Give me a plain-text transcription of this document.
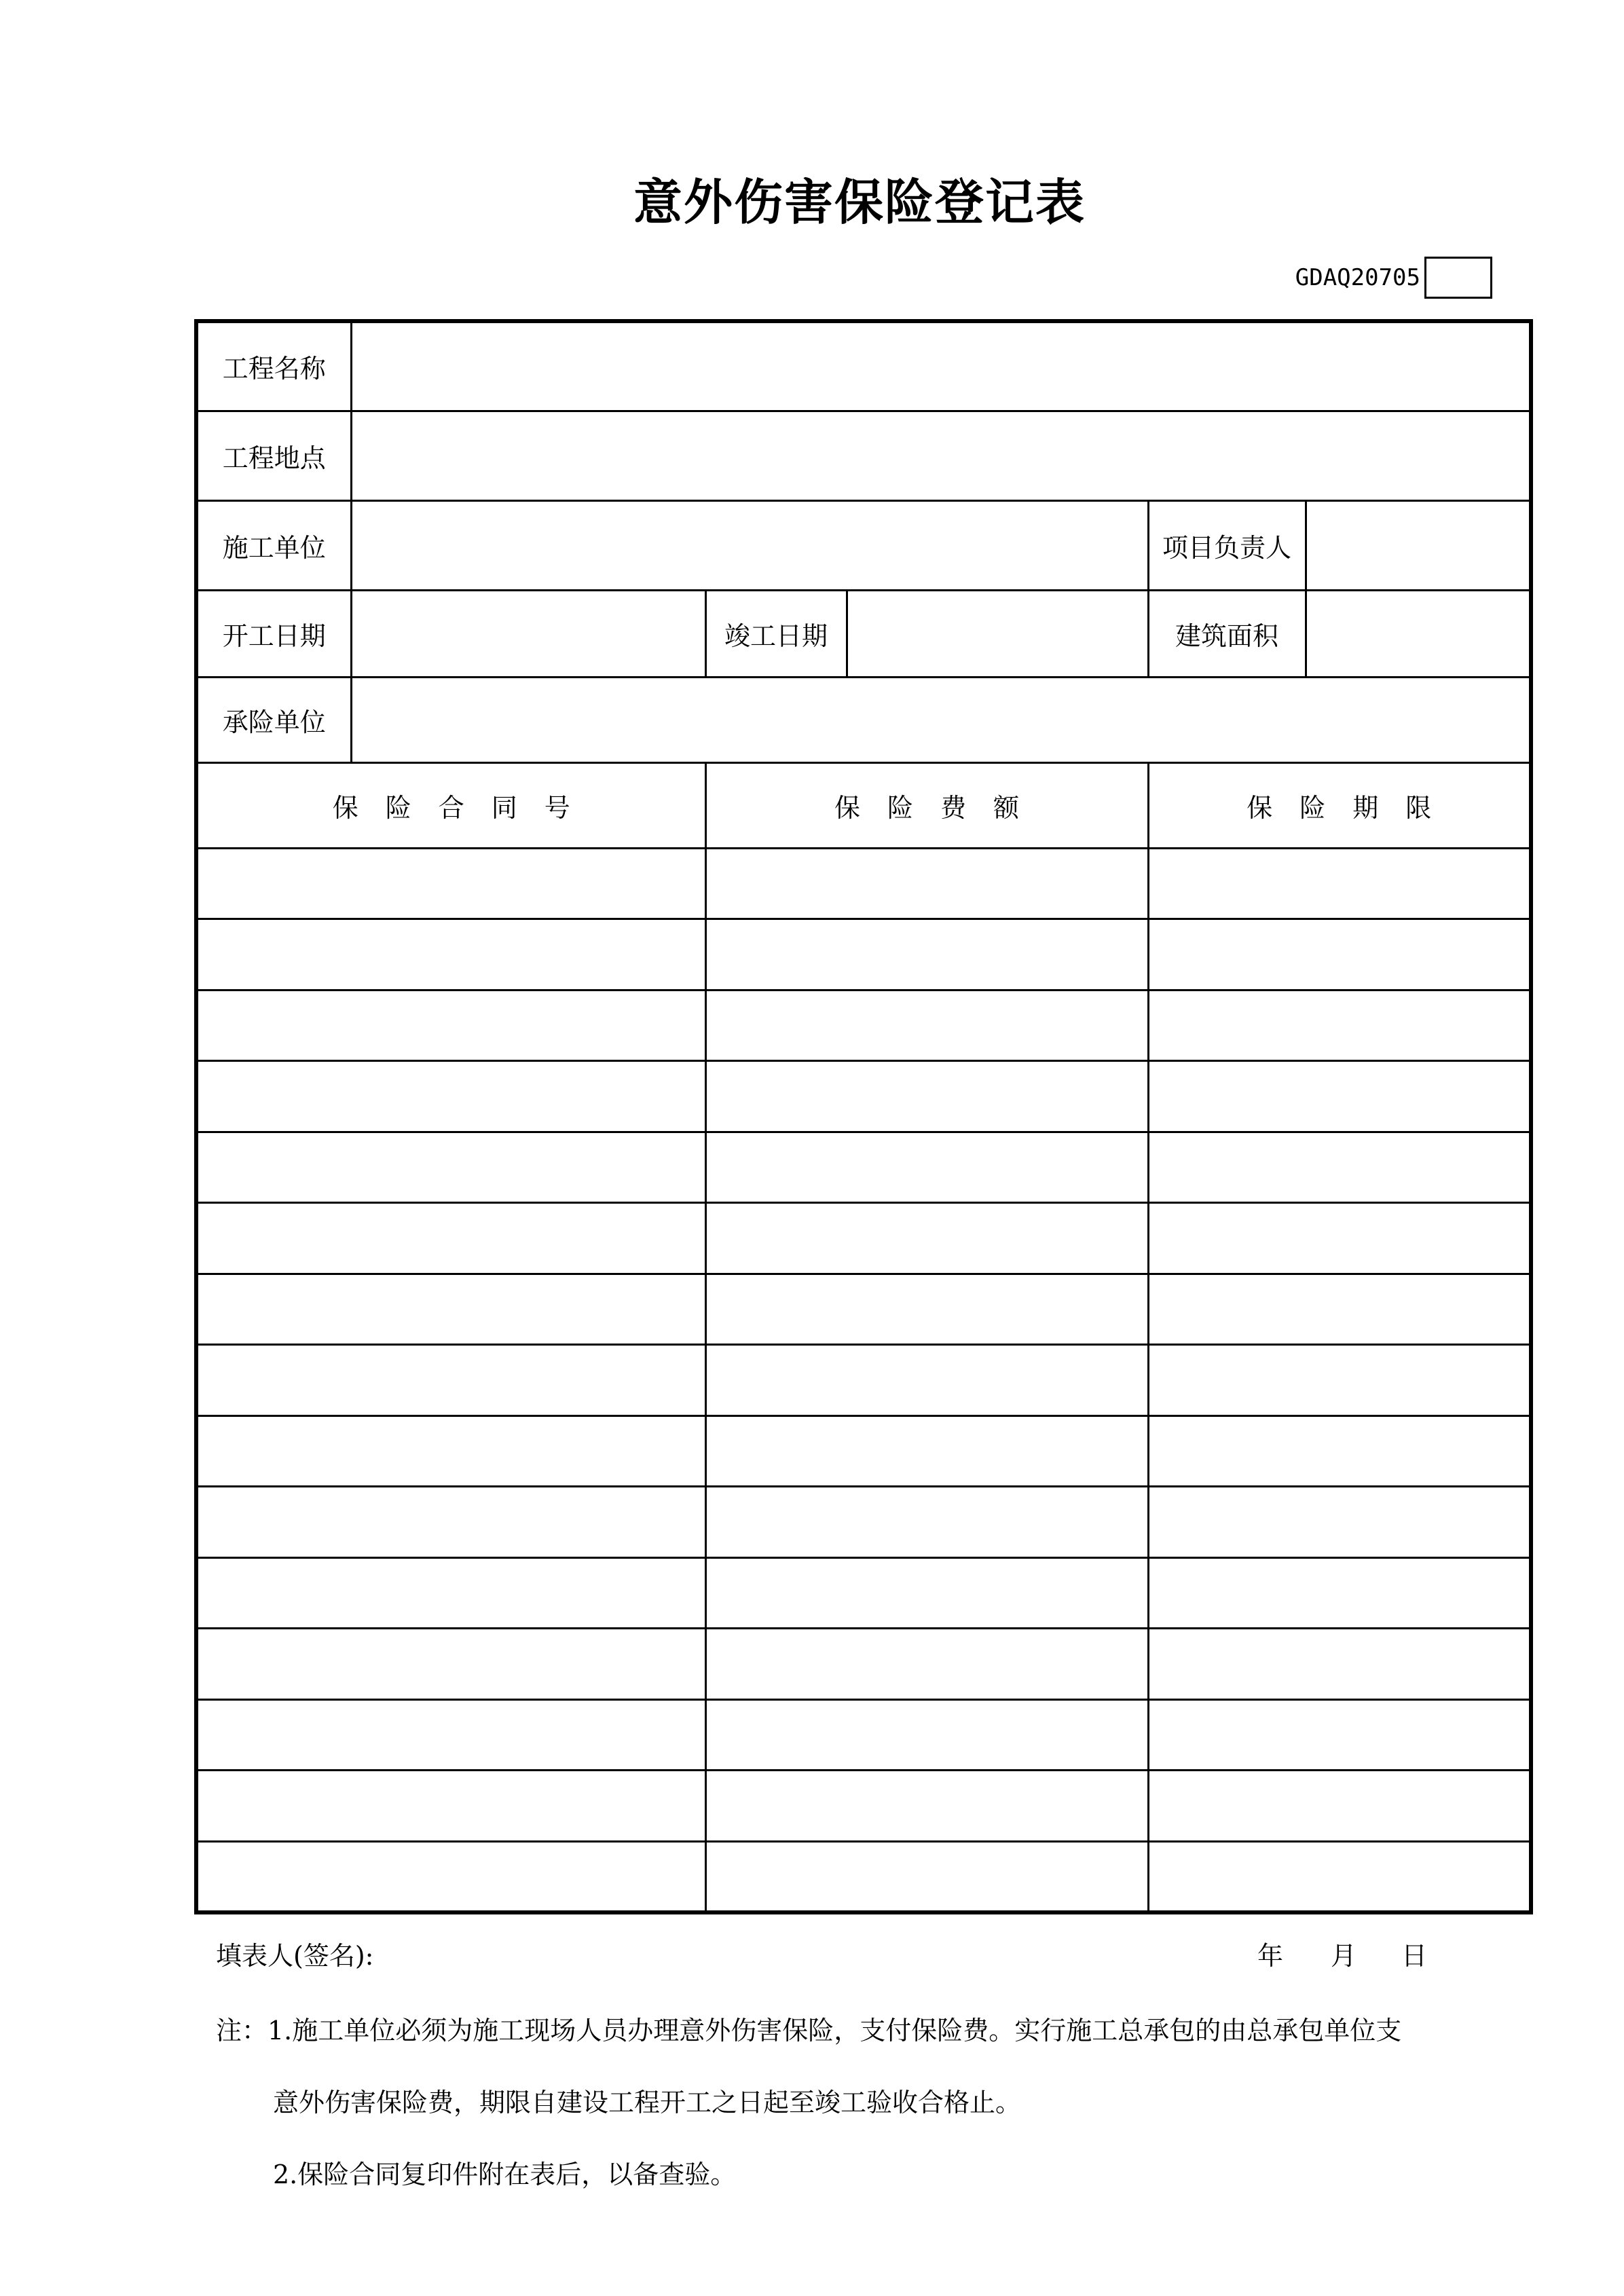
意外伤害保险登记表
GDAQ20705
工程名称					
工程地点					
施工单位				项目负责人	
开工日期		竣工日期		建筑面积	
承险单位					
保险合同号		保险费额		保险期限	

填表人(签名):	年 月 日
注：1.施工单位必须为施工现场人员办理意外伤害保险，支付保险费。实行施工总承包的由总承包单位支
意外伤害保险费，期限自建设工程开工之日起至竣工验收合格止。
2.保险合同复印件附在表后，以备查验。
